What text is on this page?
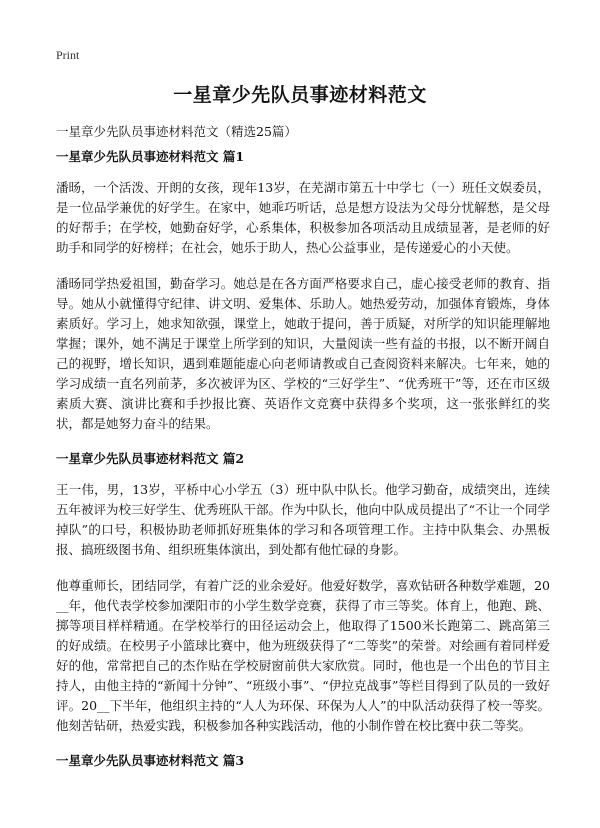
Print
一星章少先队员事迹材料范文

一星章少先队员事迹材料范文（精选25篇）

一星章少先队员事迹材料范文 篇1

潘旸，一个活泼、开朗的女孩，现年13岁，在芜湖市第五十中学七（一）班任文娱委员，是一位品学兼优的好学生。在家中，她乖巧听话，总是想方设法为父母分忧解愁，是父母的好帮手；在学校，她勤奋好学，心系集体，积极参加各项活动且成绩显著，是老师的好助手和同学的好榜样；在社会，她乐于助人，热心公益事业，是传递爱心的小天使。

潘旸同学热爱祖国，勤奋学习。她总是在各方面严格要求自己，虚心接受老师的教育、指导。她从小就懂得守纪律、讲文明、爱集体、乐助人。她热爱劳动，加强体育锻炼，身体素质好。学习上，她求知欲强，课堂上，她敢于提问，善于质疑，对所学的知识能理解地掌握；课外，她不满足于课堂上所学到的知识，大量阅读一些有益的书报，以不断开阔自己的视野，增长知识，遇到难题能虚心向老师请教或自己查阅资料来解决。七年来，她的学习成绩一直名列前茅，多次被评为区、学校的“三好学生”、“优秀班干”等，还在市区级素质大赛、演讲比赛和手抄报比赛、英语作文竞赛中获得多个奖项，这一张张鲜红的奖状，都是她努力奋斗的结果。

一星章少先队员事迹材料范文 篇2

王一伟，男，13岁，平桥中心小学五（3）班中队中队长。他学习勤奋，成绩突出，连续五年被评为校三好学生、优秀班队干部。作为中队长，他向中队成员提出了“不让一个同学掉队”的口号，积极协助老师抓好班集体的学习和各项管理工作。主持中队集会、办黑板报、搞班级图书角、组织班集体演出，到处都有他忙碌的身影。

他尊重师长，团结同学，有着广泛的业余爱好。他爱好数学，喜欢钻研各种数学难题，20__年，他代表学校参加溧阳市的小学生数学竞赛，获得了市三等奖。体育上，他跑、跳、掷等项目样样精通。在学校举行的田径运动会上，他取得了1500米长跑第二、跳高第三的好成绩。在校男子小篮球比赛中，他为班级获得了“二等奖”的荣誉。对绘画有着同样爱好的他，常常把自己的杰作贴在学校厨窗前供大家欣赏。同时，他也是一个出色的节目主持人，由他主持的“新闻十分钟”、“班级小事”、“伊拉克战事”等栏目得到了队员的一致好评。20__下半年，他组织主持的“人人为环保、环保为人人”的中队活动获得了校一等奖。他刻苦钻研，热爱实践，积极参加各种实践活动，他的小制作曾在校比赛中获二等奖。

一星章少先队员事迹材料范文 篇3
